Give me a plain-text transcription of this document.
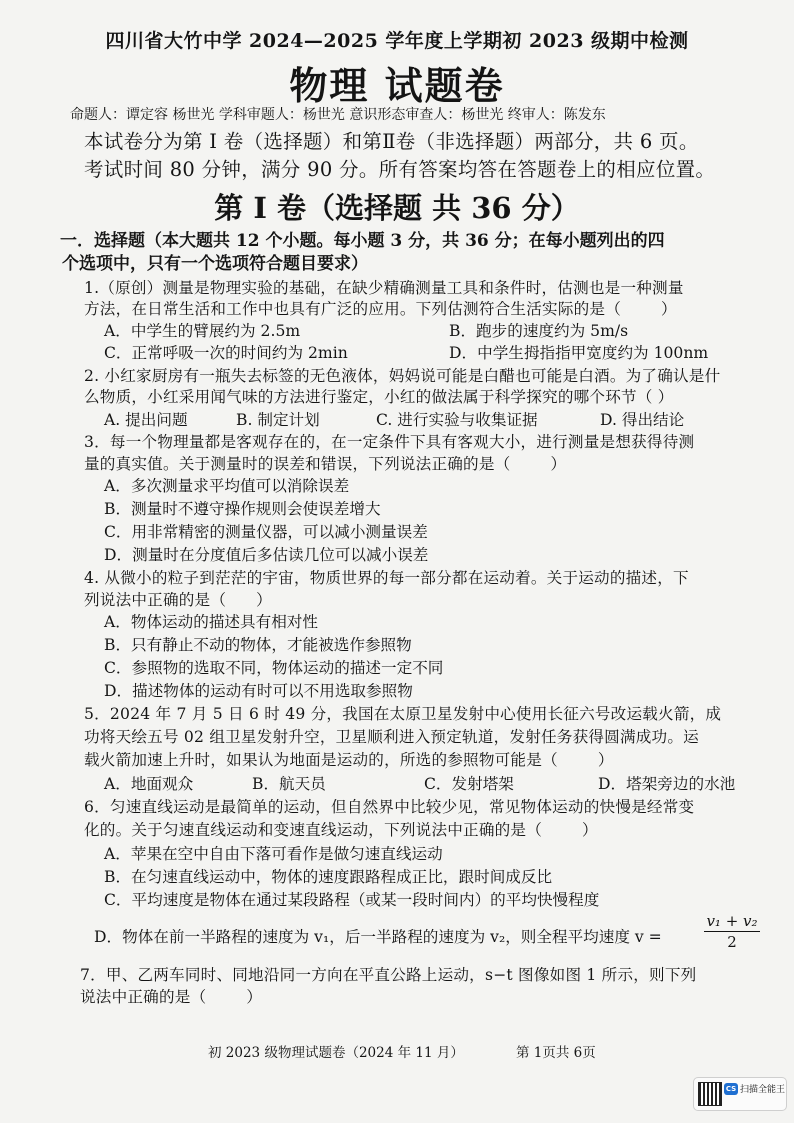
四川省大竹中学 2024—2025 学年度上学期初 2023 级期中检测
物理 试题卷
命题人：谭定容 杨世光 学科审题人：杨世光 意识形态审查人：杨世光 终审人：陈发东
本试卷分为第 I 卷（选择题）和第Ⅱ卷（非选择题）两部分，共 6 页。
考试时间 80 分钟，满分 90 分。所有答案均答在答题卷上的相应位置。
第 I 卷（选择题 共 36 分）
一．选择题（本大题共 12 个小题。每小题 3 分，共 36 分；在每小题列出的四
个选项中，只有一个选项符合题目要求）
1.（原创）测量是物理实验的基础，在缺少精确测量工具和条件时，估测也是一种测量
方法，在日常生活和工作中也具有广泛的应用。下列估测符合生活实际的是（	）
A．中学生的臂展约为 2.5m	B．跑步的速度约为 5m/s
C．正常呼吸一次的时间约为 2min	D．中学生拇指指甲宽度约为 100nm
2. 小红家厨房有一瓶失去标签的无色液体，妈妈说可能是白醋也可能是白酒。为了确认是什
么物质，小红采用闻气味的方法进行鉴定，小红的做法属于科学探究的哪个环节（ ）
A. 提出问题	B. 制定计划	C. 进行实验与收集证据	D. 得出结论
3．每一个物理量都是客观存在的，在一定条件下具有客观大小，进行测量是想获得待测
量的真实值。关于测量时的误差和错误，下列说法正确的是（	）
A．多次测量求平均值可以消除误差
B．测量时不遵守操作规则会使误差增大
C．用非常精密的测量仪器，可以减小测量误差
D．测量时在分度值后多估读几位可以减小误差
4. 从微小的粒子到茫茫的宇宙，物质世界的每一部分都在运动着。关于运动的描述，下
列说法中正确的是（ ）
A．物体运动的描述具有相对性
B．只有静止不动的物体，才能被选作参照物
C．参照物的选取不同，物体运动的描述一定不同
D．描述物体的运动有时可以不用选取参照物
5．2024 年 7 月 5 日 6 时 49 分，我国在太原卫星发射中心使用长征六号改运载火箭，成
功将天绘五号 02 组卫星发射升空，卫星顺利进入预定轨道，发射任务获得圆满成功。运
载火箭加速上升时，如果认为地面是运动的，所选的参照物可能是（	）
A．地面观众	B．航天员	C．发射塔架	D．塔架旁边的水池
6．匀速直线运动是最简单的运动，但自然界中比较少见，常见物体运动的快慢是经常变
化的。关于匀速直线运动和变速直线运动，下列说法中正确的是（	）
A．苹果在空中自由下落可看作是做匀速直线运动
B．在匀速直线运动中，物体的速度跟路程成正比，跟时间成反比
C．平均速度是物体在通过某段路程（或某一段时间内）的平均快慢程度
D．物体在前一半路程的速度为 v₁，后一半路程的速度为 v₂，则全程平均速度 v =	$\frac{\text{v₁ + v₂}}{2}$
7．甲、乙两车同时、同地沿同一方向在平直公路上运动，s−t 图像如图 1 所示，则下列
说法中正确的是（	）
初 2023 级物理试题卷（2024 年 11 月）	第 1页共 6页
CS 扫描全能王
